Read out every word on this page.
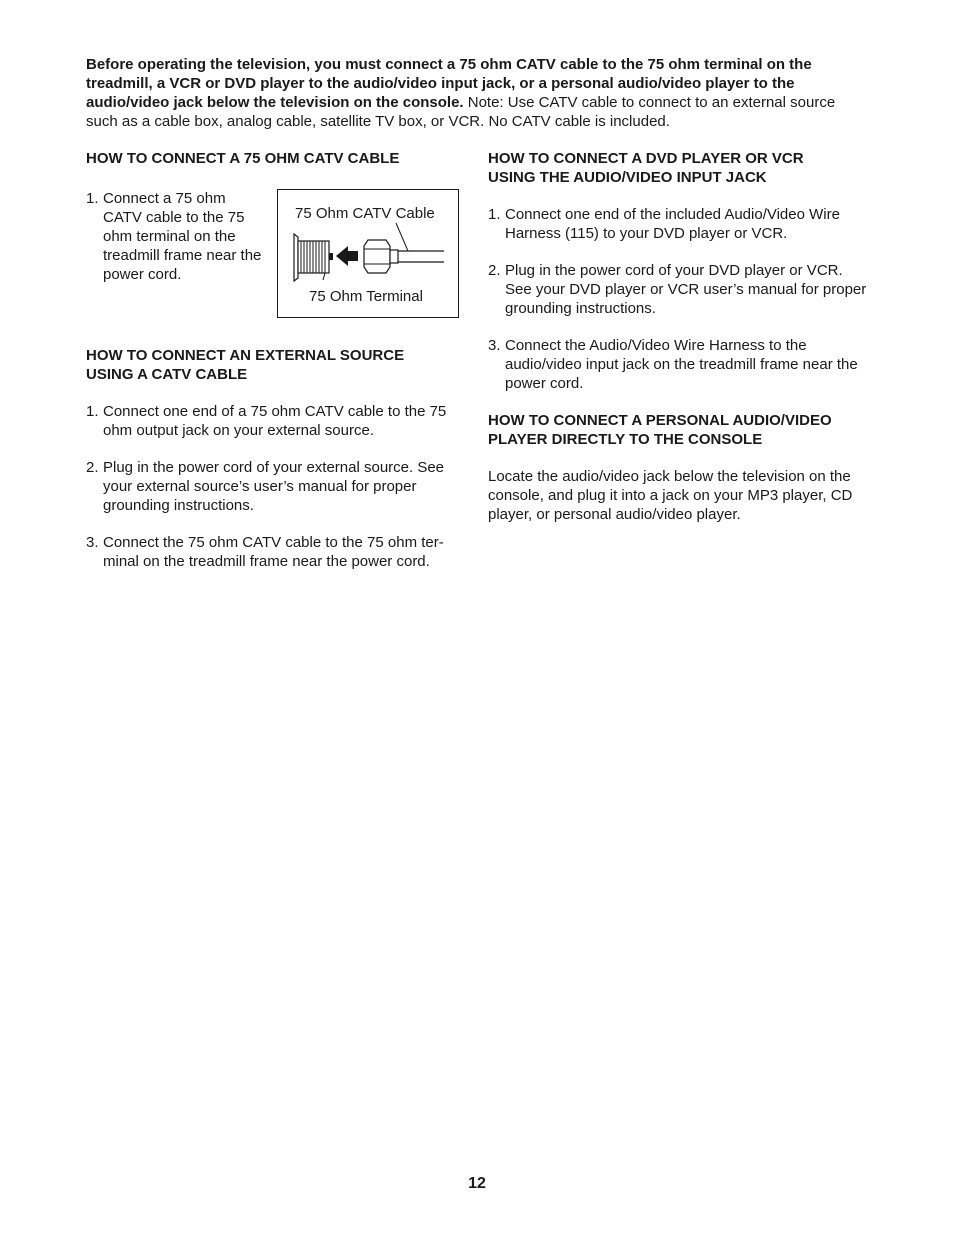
Before operating the television, you must connect a 75 ohm CATV cable to the 75 ohm terminal on the treadmill, a VCR or DVD player to the audio/video input jack, or a personal audio/video player to the audio/video jack below the television on the console. Note: Use CATV cable to connect to an external source such as a cable box, analog cable, satellite TV box, or VCR. No CATV cable is included.
HOW TO CONNECT A 75 OHM CATV CABLE

1. Connect a 75 ohm CATV cable to the 75 ohm terminal on the treadmill frame near the power cord.

75 Ohm CATV Cable
75 Ohm Terminal
HOW TO CONNECT AN EXTERNAL SOURCE
USING A CATV CABLE

1. Connect one end of a 75 ohm CATV cable to the 75 ohm output jack on your external source.

2. Plug in the power cord of your external source. See your external source’s user’s manual for proper grounding instructions.

3. Connect the 75 ohm CATV cable to the 75 ohm ter-minal on the treadmill frame near the power cord.

HOW TO CONNECT A DVD PLAYER OR VCR
USING THE AUDIO/VIDEO INPUT JACK

1. Connect one end of the included Audio/Video Wire Harness (115) to your DVD player or VCR.

2. Plug in the power cord of your DVD player or VCR. See your DVD player or VCR user’s manual for proper grounding instructions.

3. Connect the Audio/Video Wire Harness to the audio/video input jack on the treadmill frame near the power cord.

HOW TO CONNECT A PERSONAL AUDIO/VIDEO
PLAYER DIRECTLY TO THE CONSOLE

Locate the audio/video jack below the television on the console, and plug it into a jack on your MP3 player, CD player, or personal audio/video player.

12
